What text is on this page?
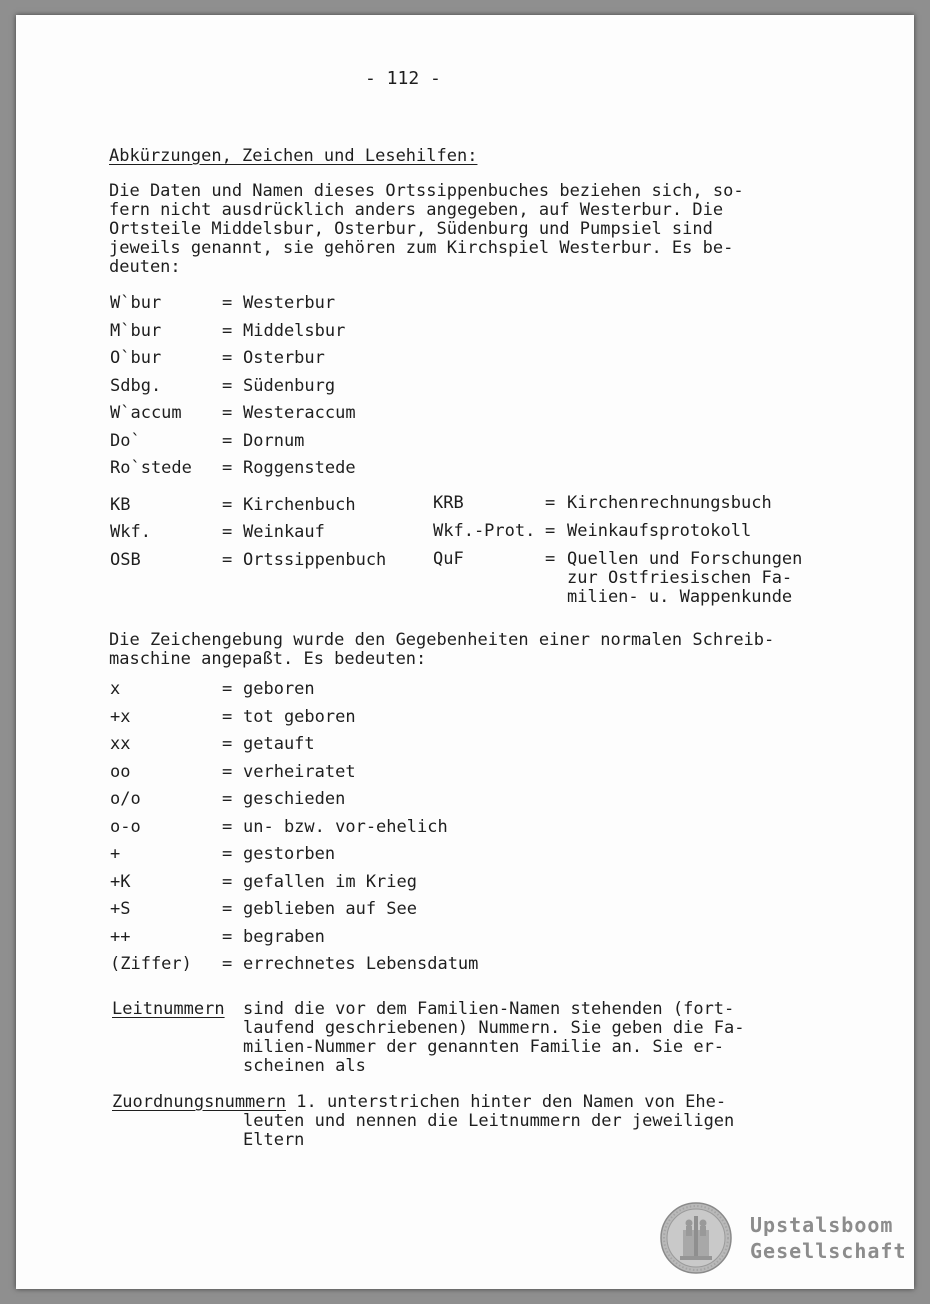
- 112 -
Abkürzungen, Zeichen und Lesehilfen:
Die Daten und Namen dieses Ortssippenbuches beziehen sich, so-
fern nicht ausdrücklich anders angegeben, auf Westerbur. Die
Ortsteile Middelsbur, Osterbur, Südenburg und Pumpsiel sind
jeweils genannt, sie gehören zum Kirchspiel Westerbur. Es be-
deuten:
W`bur	= Westerbur
M`bur	= Middelsbur
O`bur	= Osterbur
Sdbg.	= Südenburg
W`accum = Westeraccum
Do`	= Dornum
Ro`stede = Roggenstede
KB	= Kirchenbuch	KRB	= Kirchenrechnungsbuch
Wkf.	= Weinkauf	Wkf.-Prot. = Weinkaufsprotokoll
OSB	= Ortssippenbuch	QuF	= Quellen und Forschungen
zur Ostfriesischen Fa-
milien- u. Wappenkunde
Die Zeichengebung wurde den Gegebenheiten einer normalen Schreib-
maschine angepaßt. Es bedeuten:
x	= geboren
+x	= tot geboren
xx	= getauft
oo	= verheiratet
o/o	= geschieden
o-o	= un- bzw. vor-ehelich
+	= gestorben
+K	= gefallen im Krieg
+S	= geblieben auf See
++	= begraben
(Ziffer) = errechnetes Lebensdatum
Leitnummern sind die vor dem Familien-Namen stehenden (fort-
laufend geschriebenen) Nummern. Sie geben die Fa-
milien-Nummer der genannten Familie an. Sie er-
scheinen als
Zuordnungsnummern 1. unterstrichen hinter den Namen von Ehe-
leuten und nennen die Leitnummern der jeweiligen
Eltern
Upstalsboom
Gesellschaft
